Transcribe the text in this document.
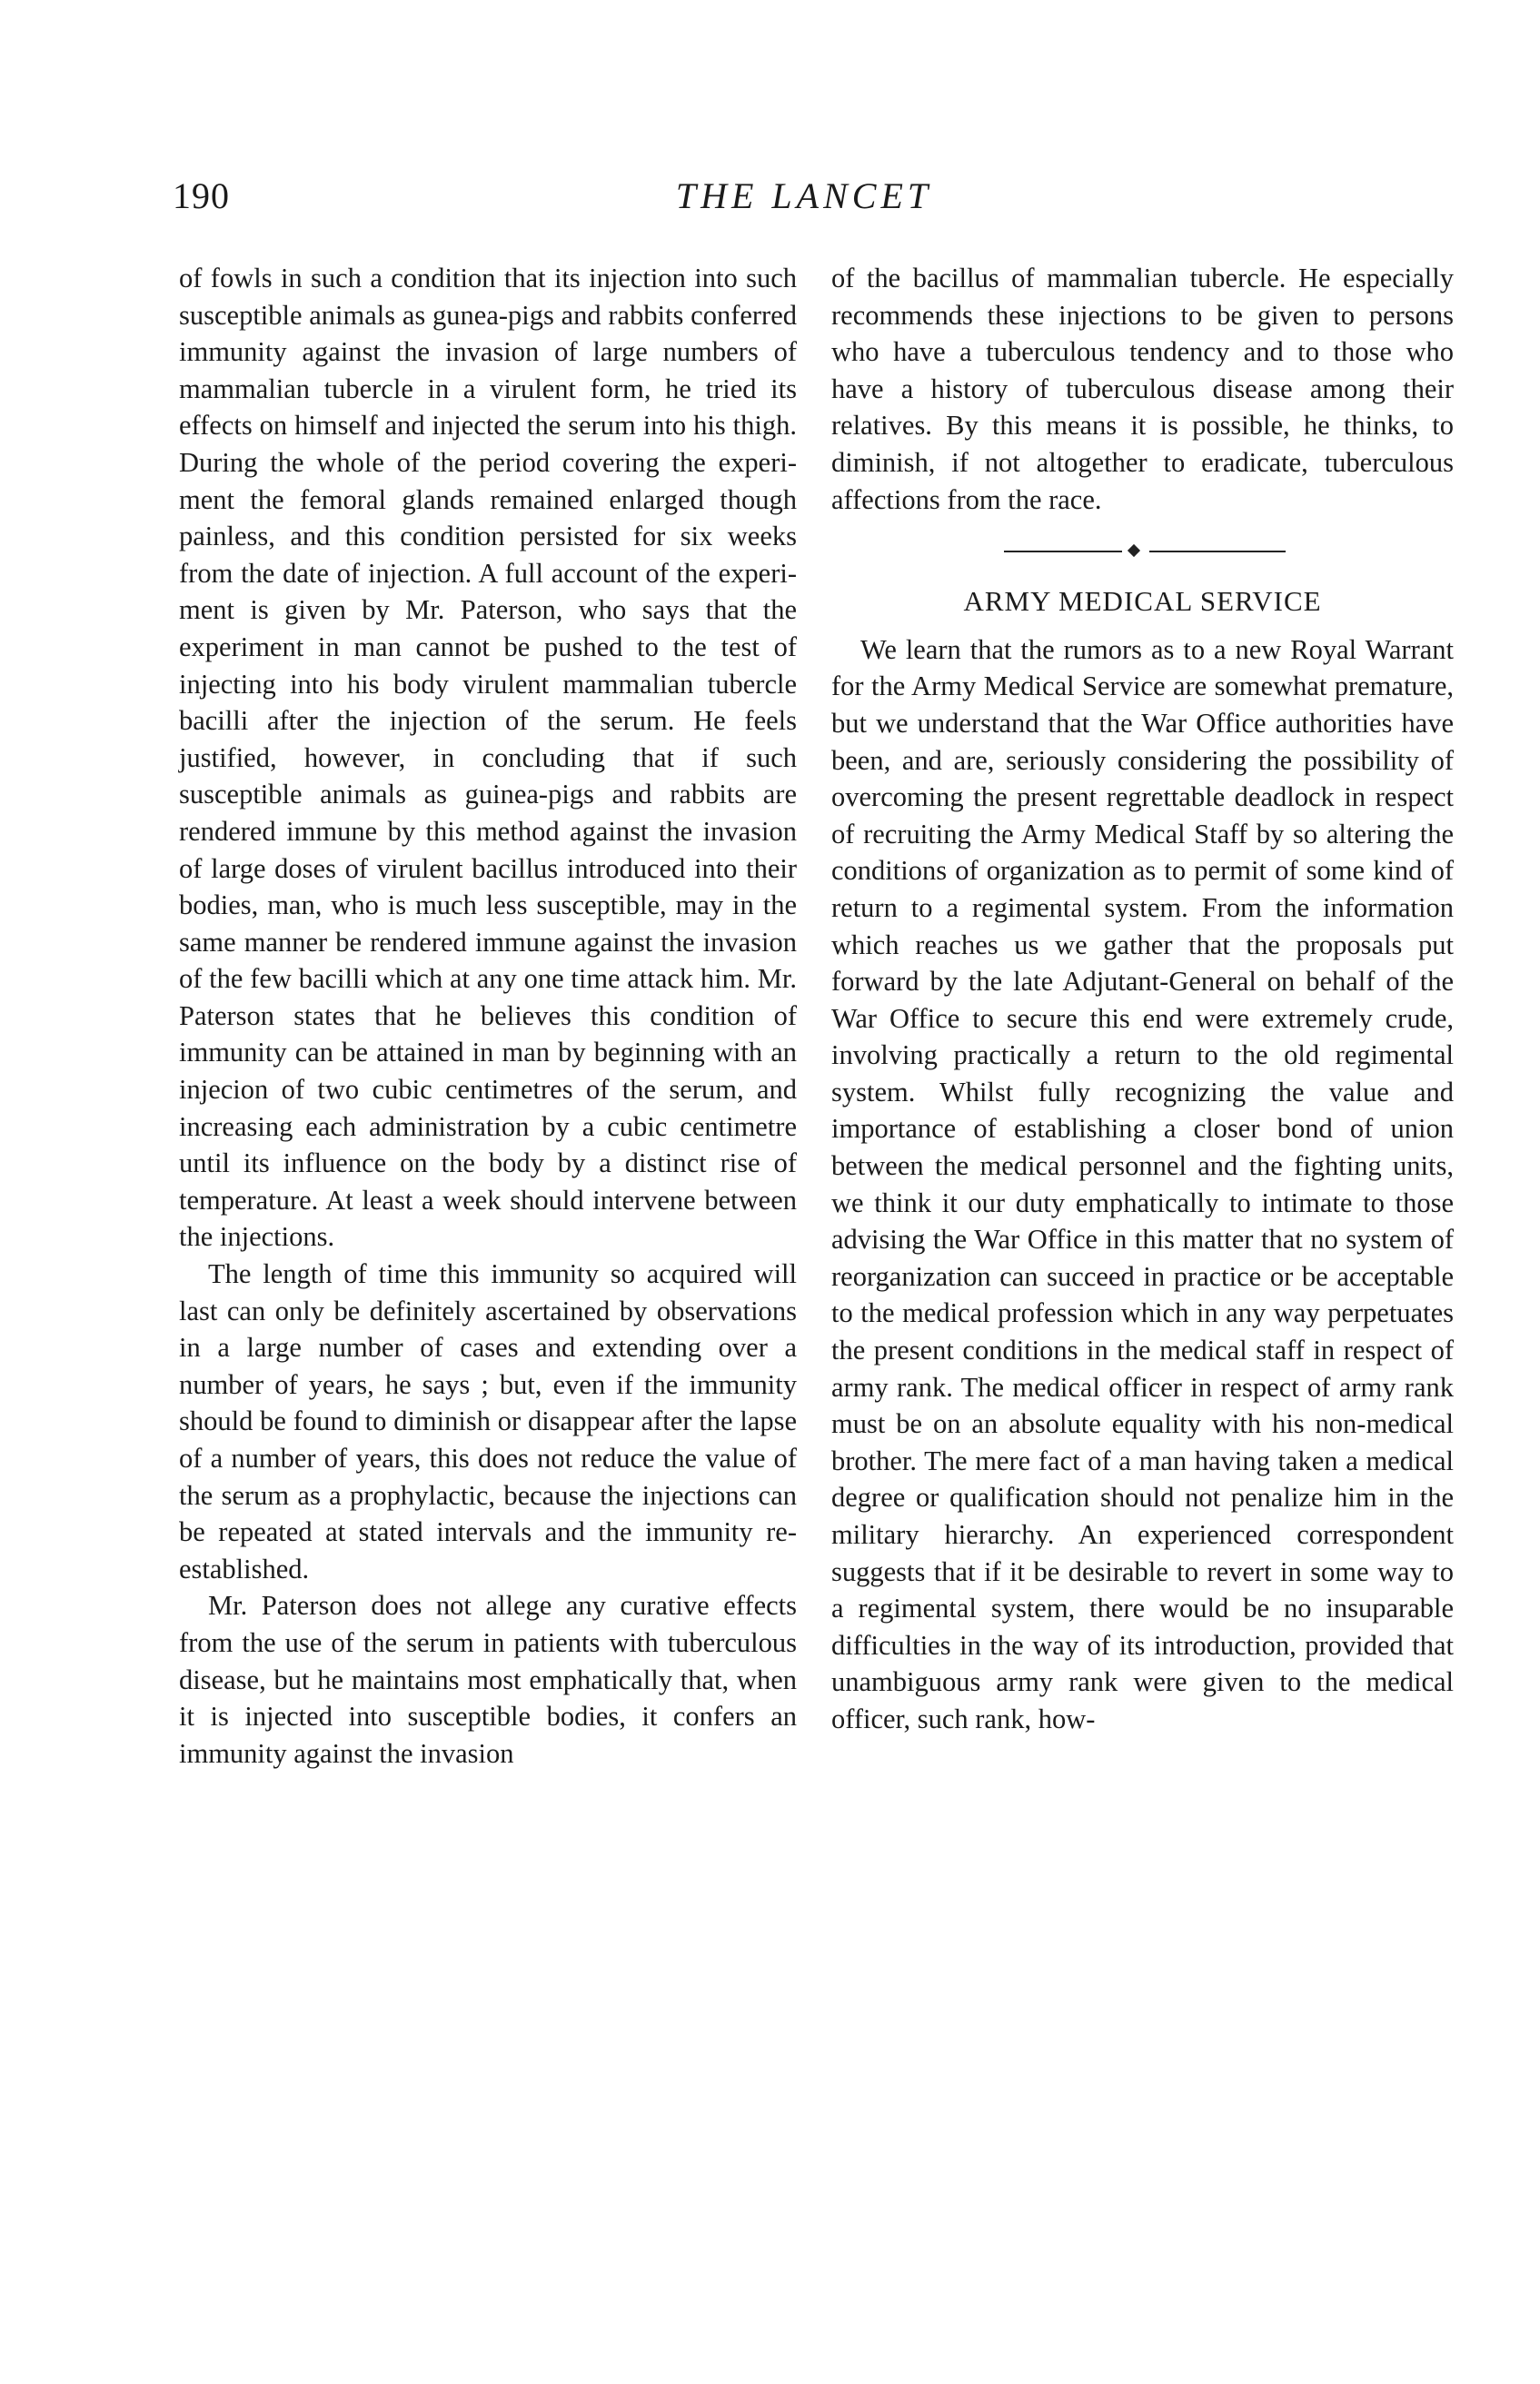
190	THE LANCET

of fowls in such a condition that its injection into such susceptible animals as gunea-pigs and rabbits conferred immunity against the invasion of large numbers of mammalian tubercle in a virulent form, he tried its effects on himself and injected the serum into his thigh. During the whole of the period covering the experiment the femoral glands remained enlarged though painless, and this condition persisted for six weeks from the date of injection. A full account of the experiment is given by Mr. Paterson, who says that the experiment in man cannot be pushed to the test of injecting into his body virulent mammalian tubercle bacilli after the injection of the serum. He feels justified, however, in concluding that if such susceptible animals as guinea-pigs and rabbits are rendered immune by this method against the invasion of large doses of virulent bacillus introduced into their bodies, man, who is much less susceptible, may in the same manner be rendered immune against the invasion of the few bacilli which at any one time attack him. Mr. Paterson states that he believes this condition of immunity can be attained in man by beginning with an injecion of two cubic centimetres of the serum, and increasing each administration by a cubic centimetre until its influence on the body by a distinct rise of temperature. At least a week should intervene between the injections.

The length of time this immunity so acquired will last can only be definitely ascertained by observations in a large number of cases and extending over a number of years, he says ; but, even if the immunity should be found to diminish or disappear after the lapse of a number of years, this does not reduce the value of the serum as a prophylactic, because the injections can be repeated at stated intervals and the immunity re-established.

Mr. Paterson does not allege any curative effects from the use of the serum in patients with tuberculous disease, but he maintains most emphatically that, when it is injected into susceptible bodies, it confers an immunity against the invasion

of the bacillus of mammalian tubercle. He especially recommends these injections to be given to persons who have a tuberculous tendency and to those who have a history of tuberculous disease among their relatives. By this means it is possible, he thinks, to diminish, if not altogether to eradicate, tuberculous affections from the race.

ARMY MEDICAL SERVICE

We learn that the rumors as to a new Royal Warrant for the Army Medical Service are somewhat premature, but we understand that the War Office authorities have been, and are, seriously considering the possibility of overcoming the present regrettable deadlock in respect of recruiting the Army Medical Staff by so altering the conditions of organization as to permit of some kind of return to a regimental system. From the information which reaches us we gather that the proposals put forward by the late Adjutant-General on behalf of the War Office to secure this end were extremely crude, involving practically a return to the old regimental system. Whilst fully recognizing the value and importance of establishing a closer bond of union between the medical personnel and the fighting units, we think it our duty emphatically to intimate to those advising the War Office in this matter that no system of reorganization can succeed in practice or be acceptable to the medical profession which in any way perpetuates the present conditions in the medical staff in respect of army rank. The medical officer in respect of army rank must be on an absolute equality with his non-medical brother. The mere fact of a man having taken a medical degree or qualification should not penalize him in the military hierarchy. An experienced correspondent suggests that if it be desirable to revert in some way to a regimental system, there would be no insuparable difficulties in the way of its introduction, provided that unambiguous army rank were given to the medical officer, such rank, how-
